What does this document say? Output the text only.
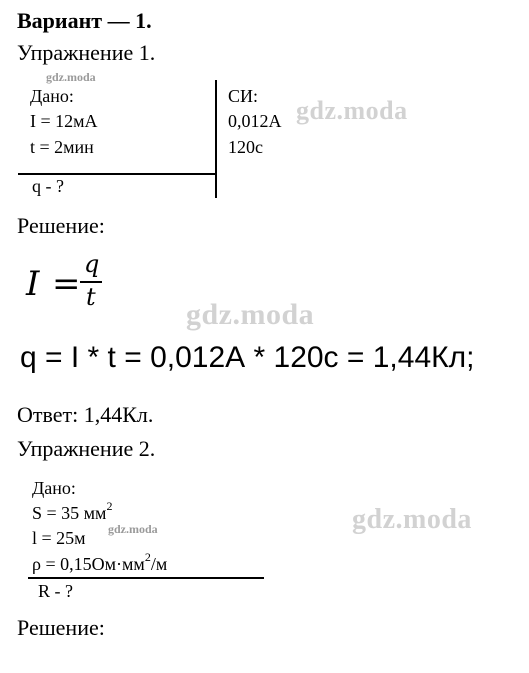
Вариант — 1.
Упражнение 1.
gdz.moda
Дано:
I = 12мА
t = 2мин
q - ?
СИ:
0,012А
120с
gdz.moda
Решение:
I = q
t
gdz.moda
q = I * t = 0,012А * 120с = 1,44Кл;
Ответ: 1,44Кл.
Упражнение 2.
Дано:
S = 35 $мм^2$
l = 25м gdz.moda
$\rho = 0,15Ом\cdot мм^2/м$
R - ?
gdz.moda
Решение:
